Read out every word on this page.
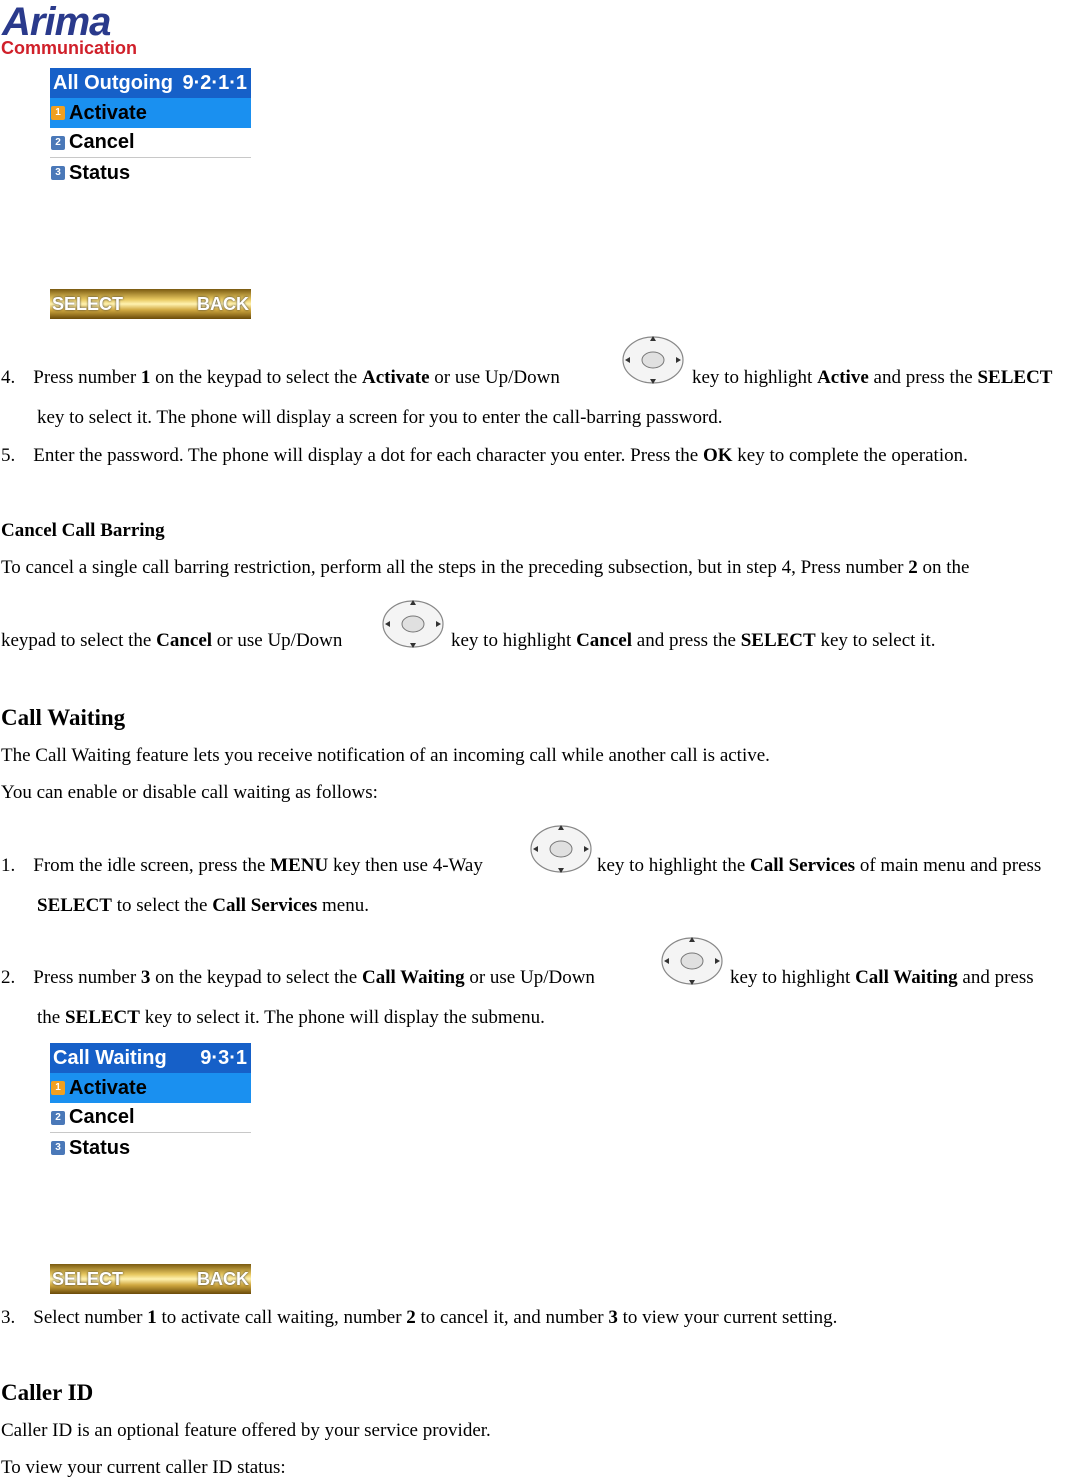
Arima
Communication
All Outgoing 9·2·1·1
1 Activate
2 Cancel
3 Status
SELECT	BACK
4. Press number 1 on the keypad to select the Activate or use Up/Down	key to highlight Active and press the SELECT
key to select it. The phone will display a screen for you to enter the call-barring password.
5. Enter the password. The phone will display a dot for each character you enter. Press the OK key to complete the operation.
Cancel Call Barring
To cancel a single call barring restriction, perform all the steps in the preceding subsection, but in step 4, Press number 2 on the
keypad to select the Cancel or use Up/Down	key to highlight Cancel and press the SELECT key to select it.
Call Waiting
The Call Waiting feature lets you receive notification of an incoming call while another call is active.
You can enable or disable call waiting as follows:
1. From the idle screen, press the MENU key then use 4-Way	key to highlight the Call Services of main menu and press
SELECT to select the Call Services menu.
2. Press number 3 on the keypad to select the Call Waiting or use Up/Down	key to highlight Call Waiting and press
the SELECT key to select it. The phone will display the submenu.
Call Waiting 9·3·1
1 Activate
2 Cancel
3 Status
SELECT	BACK
3. Select number 1 to activate call waiting, number 2 to cancel it, and number 3 to view your current setting.
Caller ID
Caller ID is an optional feature offered by your service provider.
To view your current caller ID status:
